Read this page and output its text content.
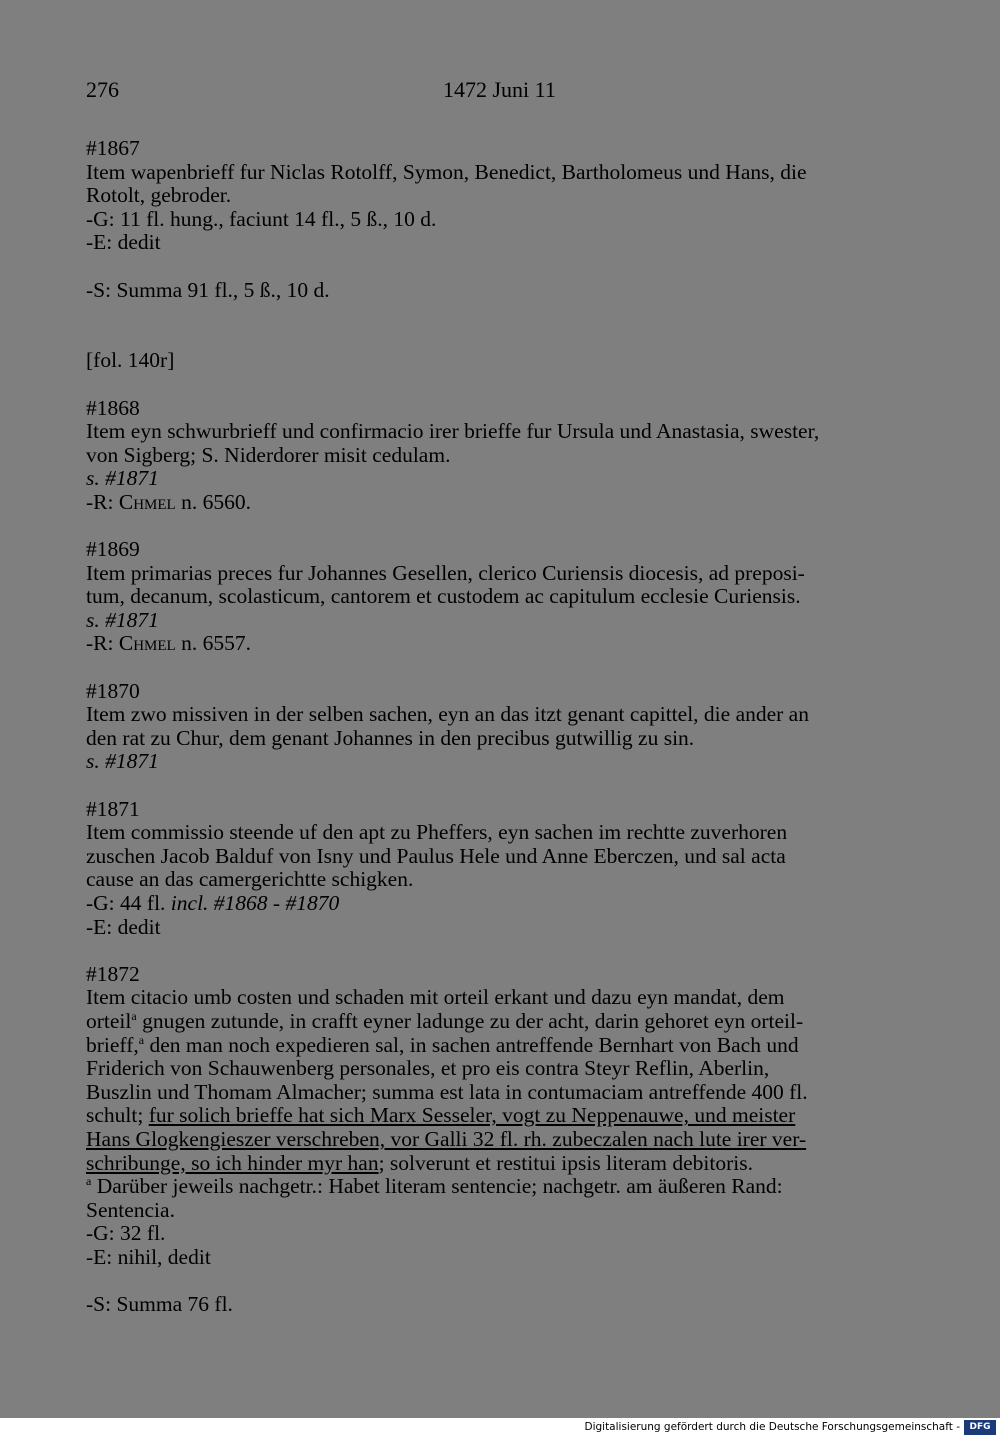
276	1472 Juni 11
#1867
Item wapenbrieff fur Niclas Rotolff, Symon, Benedict, Bartholomeus und Hans, die
Rotolt, gebroder.
-G: 11 fl. hung., faciunt 14 fl., 5 ß., 10 d.
-E: dedit
-S: Summa 91 fl., 5 ß., 10 d.
[fol. 140r]
#1868
Item eyn schwurbrieff und confirmacio irer brieffe fur Ursula und Anastasia, swester,
von Sigberg; S. Niderdorer misit cedulam.
s. #1871
-R: Chmel n. 6560.
#1869
Item primarias preces fur Johannes Gesellen, clerico Curiensis diocesis, ad preposi-
tum, decanum, scolasticum, cantorem et custodem ac capitulum ecclesie Curiensis.
s. #1871
-R: Chmel n. 6557.
#1870
Item zwo missiven in der selben sachen, eyn an das itzt genant capittel, die ander an
den rat zu Chur, dem genant Johannes in den precibus gutwillig zu sin.
s. #1871
#1871
Item commissio steende uf den apt zu Pheffers, eyn sachen im rechtte zuverhoren
zuschen Jacob Balduf von Isny und Paulus Hele und Anne Eberczen, und sal acta
cause an das camergerichtte schigken.
-G: 44 fl. incl. #1868 - #1870
-E: dedit
#1872
Item citacio umb costen und schaden mit orteil erkant und dazu eyn mandat, dem
orteil$^a$ gnugen zutunde, in crafft eyner ladunge zu der acht, darin gehoret eyn orteil-
brieff,$^a$ den man noch expedieren sal, in sachen antreffende Bernhart von Bach und
Friderich von Schauwenberg personales, et pro eis contra Steyr Reflin, Aberlin,
Buszlin und Thomam Almacher; summa est lata in contumaciam antreffende 400 fl.
schult; fur solich brieffe hat sich Marx Sesseler, vogt zu Neppenauwe, und meister
Hans Glogkengieszer verschreben, vor Galli 32 fl. rh. zubeczalen nach lute irer ver-
schribunge, so ich hinder myr han; solverunt et restitui ipsis literam debitoris.
$^a$ Darüber jeweils nachgetr.: Habet literam sentencie; nachgetr. am äußeren Rand:
Sentencia.
-G: 32 fl.
-E: nihil, dedit
-S: Summa 76 fl.
Digitalisierung gefördert durch die Deutsche Forschungsgemeinschaft -	DFG
